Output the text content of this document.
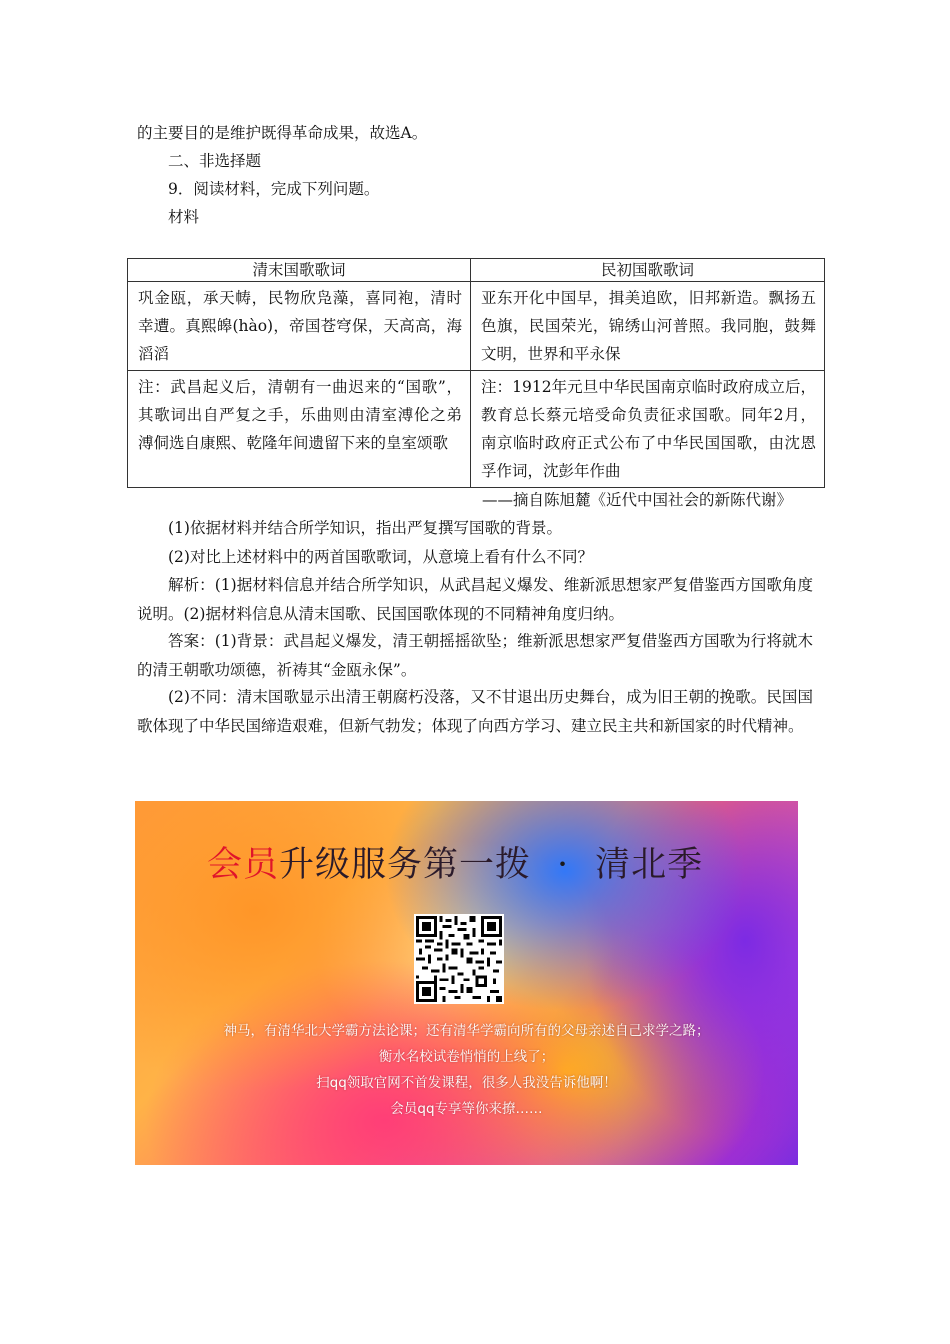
的主要目的是维护既得革命成果，故选A。
二、非选择题
9．阅读材料，完成下列问题。
材料
清末国歌歌词	民初国歌歌词
巩金瓯，承天帱，民物欣凫藻，喜同袍，清时幸遭。真熙皞(hào)，帝国苍穹保，天高高，海滔滔	亚东开化中国早，揖美追欧，旧邦新造。飘扬五色旗，民国荣光，锦绣山河普照。我同胞，鼓舞文明，世界和平永保
注：武昌起义后，清朝有一曲迟来的“国歌”，其歌词出自严复之手，乐曲则由清室溥伦之弟溥侗选自康熙、乾隆年间遗留下来的皇室颂歌	注：1912年元旦中华民国南京临时政府成立后，教育总长蔡元培受命负责征求国歌。同年2月，南京临时政府正式公布了中华民国国歌，由沈恩孚作词，沈彭年作曲
——摘自陈旭麓《近代中国社会的新陈代谢》
(1)依据材料并结合所学知识，指出严复撰写国歌的背景。
(2)对比上述材料中的两首国歌歌词，从意境上看有什么不同？
解析：(1)据材料信息并结合所学知识，从武昌起义爆发、维新派思想家严复借鉴西方国歌角度说明。(2)据材料信息从清末国歌、民国国歌体现的不同精神角度归纳。
答案：(1)背景：武昌起义爆发，清王朝摇摇欲坠；维新派思想家严复借鉴西方国歌为行将就木的清王朝歌功颂德，祈祷其“金瓯永保”。
(2)不同：清末国歌显示出清王朝腐朽没落，又不甘退出历史舞台，成为旧王朝的挽歌。民国国歌体现了中华民国缔造艰难，但新气勃发；体现了向西方学习、建立民主共和新国家的时代精神。
会员升级服务第一拨 · 清北季
神马，有清华北大学霸方法论课；还有清华学霸向所有的父母亲述自己求学之路；
衡水名校试卷悄悄的上线了；
扫qq领取官网不首发课程，很多人我没告诉他啊！
会员qq专享等你来撩……
